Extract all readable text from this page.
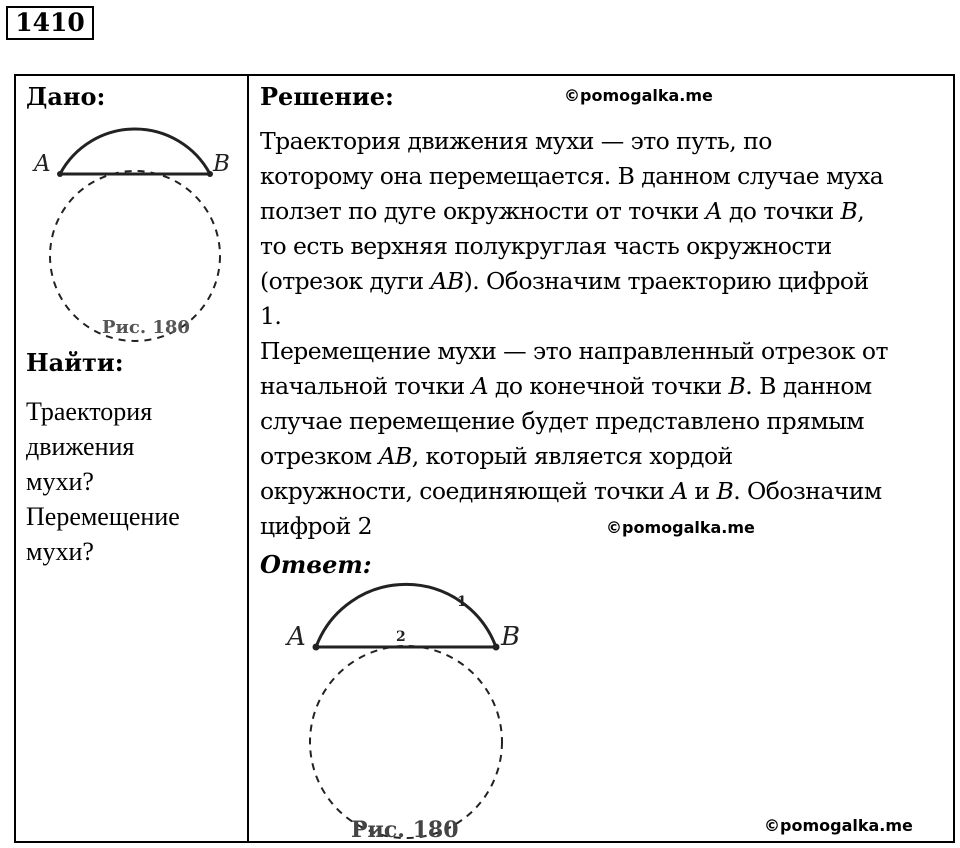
1410
Дано:
A	B
Рис. 180
Найти:

Траектория

движения

мухи?

Перемещение

мухи?

Решение:	©pomogalka.me
Траектория движения мухи — это путь, по
которому она перемещается. В данном случае муха
ползет по дуге окружности от точки A до точки B,
то есть верхняя полукруглая часть окружности
(отрезок дуги AB). Обозначим траекторию цифрой
1.
Перемещение мухи — это направленный отрезок от
начальной точки A до конечной точки B. В данном
случае перемещение будет представлено прямым
отрезком AB, который является хордой
окружности, соединяющей точки A и B. Обозначим
цифрой 2	©pomogalka.me
Ответ:
A	B
1
2
Рис. 180	©pomogalka.me
